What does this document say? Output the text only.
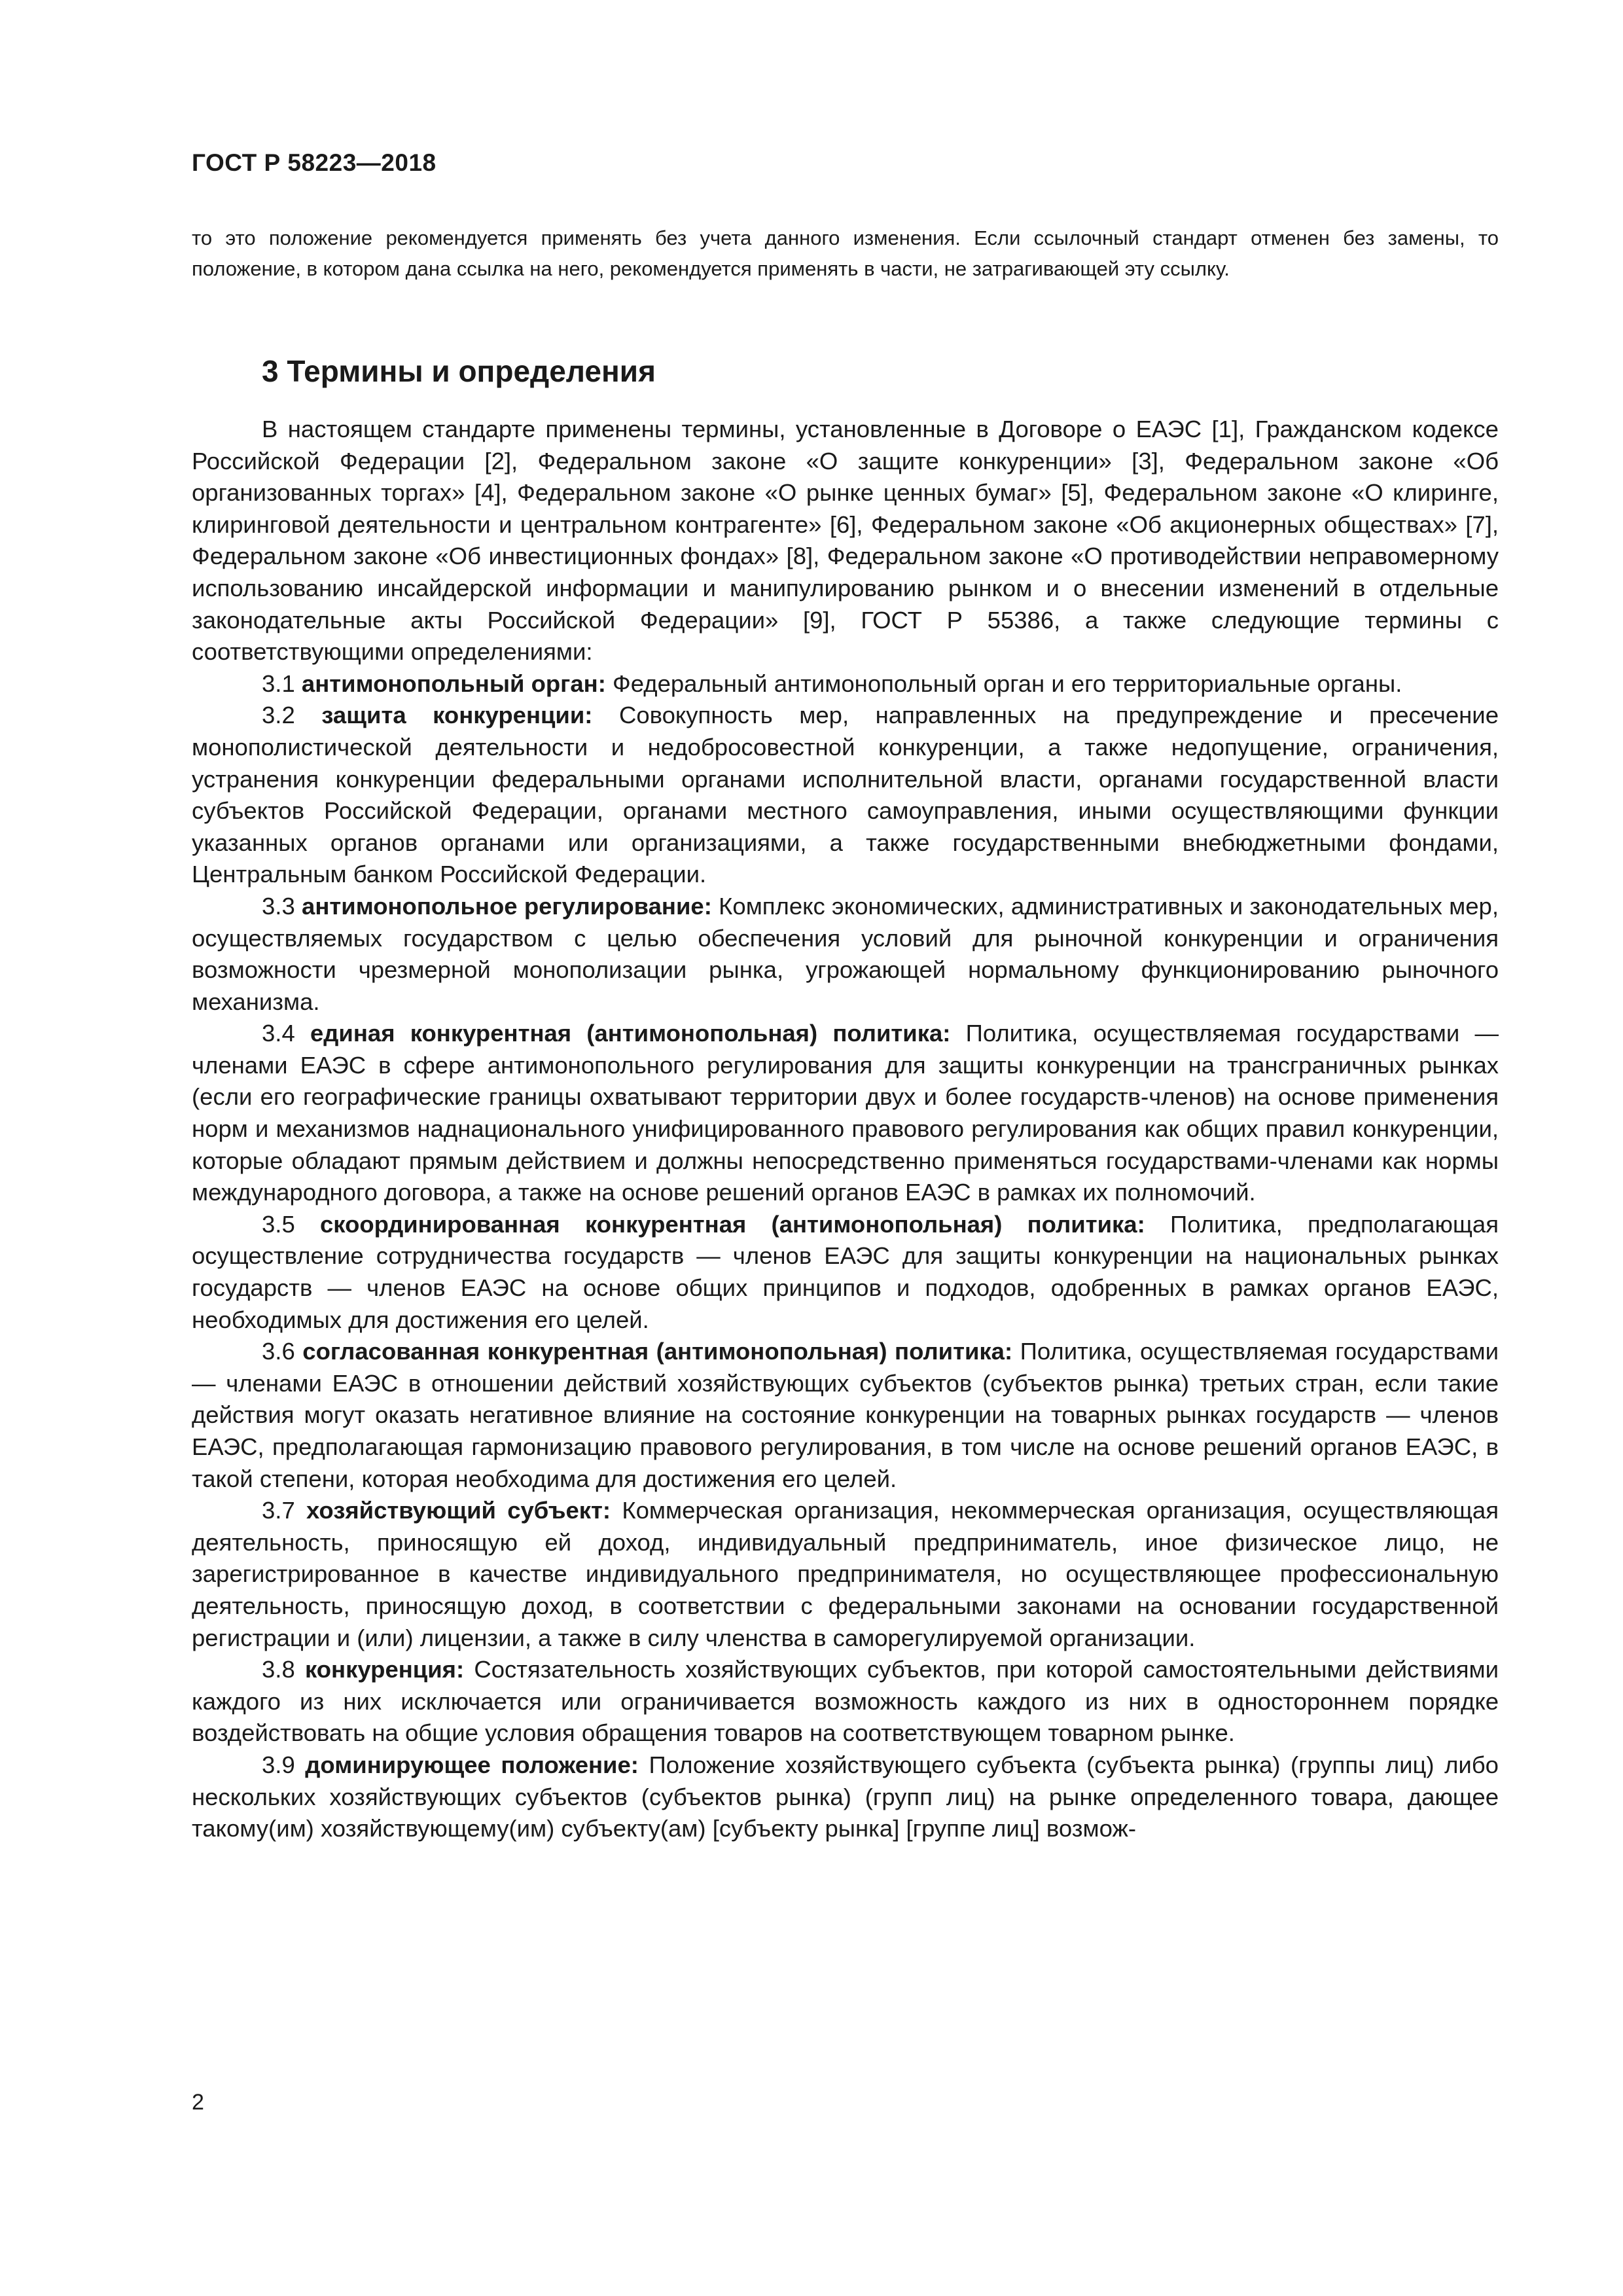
ГОСТ Р 58223—2018
то это положение рекомендуется применять без учета данного изменения. Если ссылочный стандарт отменен без замены, то положение, в котором дана ссылка на него, рекомендуется применять в части, не затрагивающей эту ссылку.
3 Термины и определения

В настоящем стандарте применены термины, установленные в Договоре о ЕАЭС [1], Гражданском кодексе Российской Федерации [2], Федеральном законе «О защите конкуренции» [3], Федеральном законе «Об организованных торгах» [4], Федеральном законе «О рынке ценных бумаг» [5], Федеральном законе «О клиринге, клиринговой деятельности и центральном контрагенте» [6], Федеральном законе «Об акционерных обществах» [7], Федеральном законе «Об инвестиционных фондах» [8], Федеральном законе «О противодействии неправомерному использованию инсайдерской информации и манипулированию рынком и о внесении изменений в отдельные законодательные акты Российской Федерации» [9], ГОСТ Р 55386, а также следующие термины с соответствующими определениями:

3.1 антимонопольный орган: Федеральный антимонопольный орган и его территориальные органы.

3.2 защита конкуренции: Совокупность мер, направленных на предупреждение и пресечение монополистической деятельности и недобросовестной конкуренции, а также недопущение, ограничения, устранения конкуренции федеральными органами исполнительной власти, органами государственной власти субъектов Российской Федерации, органами местного самоуправления, иными осуществляющими функции указанных органов органами или организациями, а также государственными внебюджетными фондами, Центральным банком Российской Федерации.

3.3 антимонопольное регулирование: Комплекс экономических, административных и законодательных мер, осуществляемых государством с целью обеспечения условий для рыночной конкуренции и ограничения возможности чрезмерной монополизации рынка, угрожающей нормальному функционированию рыночного механизма.

3.4 единая конкурентная (антимонопольная) политика: Политика, осуществляемая государствами — членами ЕАЭС в сфере антимонопольного регулирования для защиты конкуренции на трансграничных рынках (если его географические границы охватывают территории двух и более государств-членов) на основе применения норм и механизмов наднационального унифицированного правового регулирования как общих правил конкуренции, которые обладают прямым действием и должны непосредственно применяться государствами-членами как нормы международного договора, а также на основе решений органов ЕАЭС в рамках их полномочий.

3.5 скоординированная конкурентная (антимонопольная) политика: Политика, предполагающая осуществление сотрудничества государств — членов ЕАЭС для защиты конкуренции на национальных рынках государств — членов ЕАЭС на основе общих принципов и подходов, одобренных в рамках органов ЕАЭС, необходимых для достижения его целей.

3.6 согласованная конкурентная (антимонопольная) политика: Политика, осуществляемая государствами — членами ЕАЭС в отношении действий хозяйствующих субъектов (субъектов рынка) третьих стран, если такие действия могут оказать негативное влияние на состояние конкуренции на товарных рынках государств — членов ЕАЭС, предполагающая гармонизацию правового регулирования, в том числе на основе решений органов ЕАЭС, в такой степени, которая необходима для достижения его целей.

3.7 хозяйствующий субъект: Коммерческая организация, некоммерческая организация, осуществляющая деятельность, приносящую ей доход, индивидуальный предприниматель, иное физическое лицо, не зарегистрированное в качестве индивидуального предпринимателя, но осуществляющее профессиональную деятельность, приносящую доход, в соответствии с федеральными законами на основании государственной регистрации и (или) лицензии, а также в силу членства в саморегулируемой организации.

3.8 конкуренция: Состязательность хозяйствующих субъектов, при которой самостоятельными действиями каждого из них исключается или ограничивается возможность каждого из них в одностороннем порядке воздействовать на общие условия обращения товаров на соответствующем товарном рынке.

3.9 доминирующее положение: Положение хозяйствующего субъекта (субъекта рынка) (группы лиц) либо нескольких хозяйствующих субъектов (субъектов рынка) (групп лиц) на рынке определенного товара, дающее такому(им) хозяйствующему(им) субъекту(ам) [субъекту рынка] [группе лиц] возмож-

2
